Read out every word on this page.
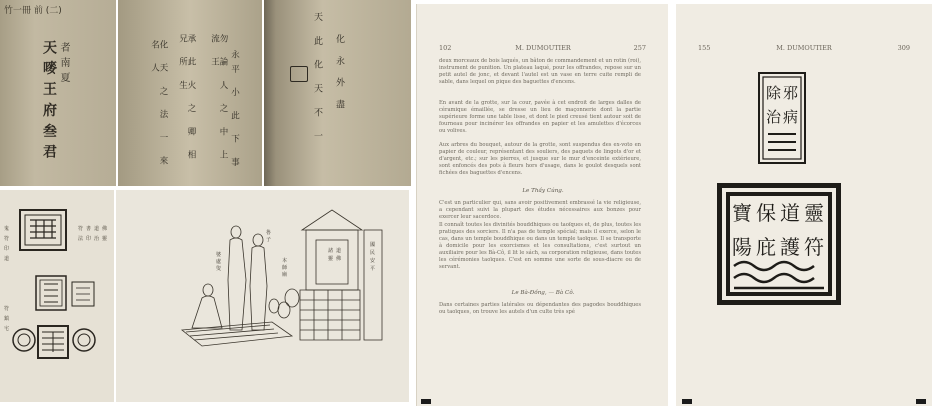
竹一冊 前 (二)
者 南 夏
天 嘜 王 府 叁 君	永平 小 此 下 事
勿 論 人 之 中 上 流 王
承 此 火 之 卿 相 兄 所 生
化 天 之 法 一 來 名 人	化 永 外 盡
天 此 化 天 不 一
鬼
符
印
道
符
鎮
宅
符 書 道 佛
法 印 治 靈
婆
處
叟
魯
子
本
師
廟
諸
靈
道
佛
國
民
安
平
102	M. DUMOUTIER	257
deux morceaux de bois laqués, un bâton de commandement et un rotin (roi), instrument de punition. Un plateau laqué, pour les offrandes, repose sur un petit autel de jonc, et devant l'autel est un vase en terre cuite rempli de sable, dans lequel on pique des baguettes d'encens.
En avant de la grotte, sur la cour, pavée à cet endroit de larges dalles de céramique émaillée, se dresse un lieu de maçonnerie dont la partie supérieure forme une table lisse, et dont le pied creusé tient autour soit de fourneau pour incinérer les offrandes en papier et les amulettes d'écorces ou volives.
Aux arbres du bouquet, autour de la grotte, sont suspendus des ex-voto en papier de couleur, représentant des souliers, des paquets de lingots d'or et d'argent, etc.; sur les pierres, et jusque sur le mur d'enceinte extérieure, sont enfoncés des pots à fleurs hors d'usage, dans le goulot desquels sont fichées des baguettes d'encens.
Le Thầy Cúng.
C'est un particulier qui, sans avoir positivement embrassé la vie religieuse, a cependant suivi la plupart des études nécessaires aux bonzes pour exercer leur sacerdoce.
Il connaît toutes les divinités bouddhiques ou taoïques et, de plus, toutes les pratiques des sorciers. Il n'a pas de temple spécial; mais il exerce, selon le cas, dans un temple bouddhique ou dans un temple taoïque. Il se transporte à domicile pour les exorcismes et les consultations, c'est surtout un auxiliaire pour les Bà-Cô, il lit le sách, sa corporation religieuse, dans toutes les cérémonies taoïques. C'est en somme une sorte de sous-diacre ou de servant.
Le Bà-Đồng, — Bà Cô.
Dans certaines parties latérales ou dépendantes des pagodes bouddhiques ou taoïques, on trouve les autels d'un culte très spé
155	M. DUMOUTIER	309
除 邪
治 病
寶 保 道 靈
陽 庇 護 符
